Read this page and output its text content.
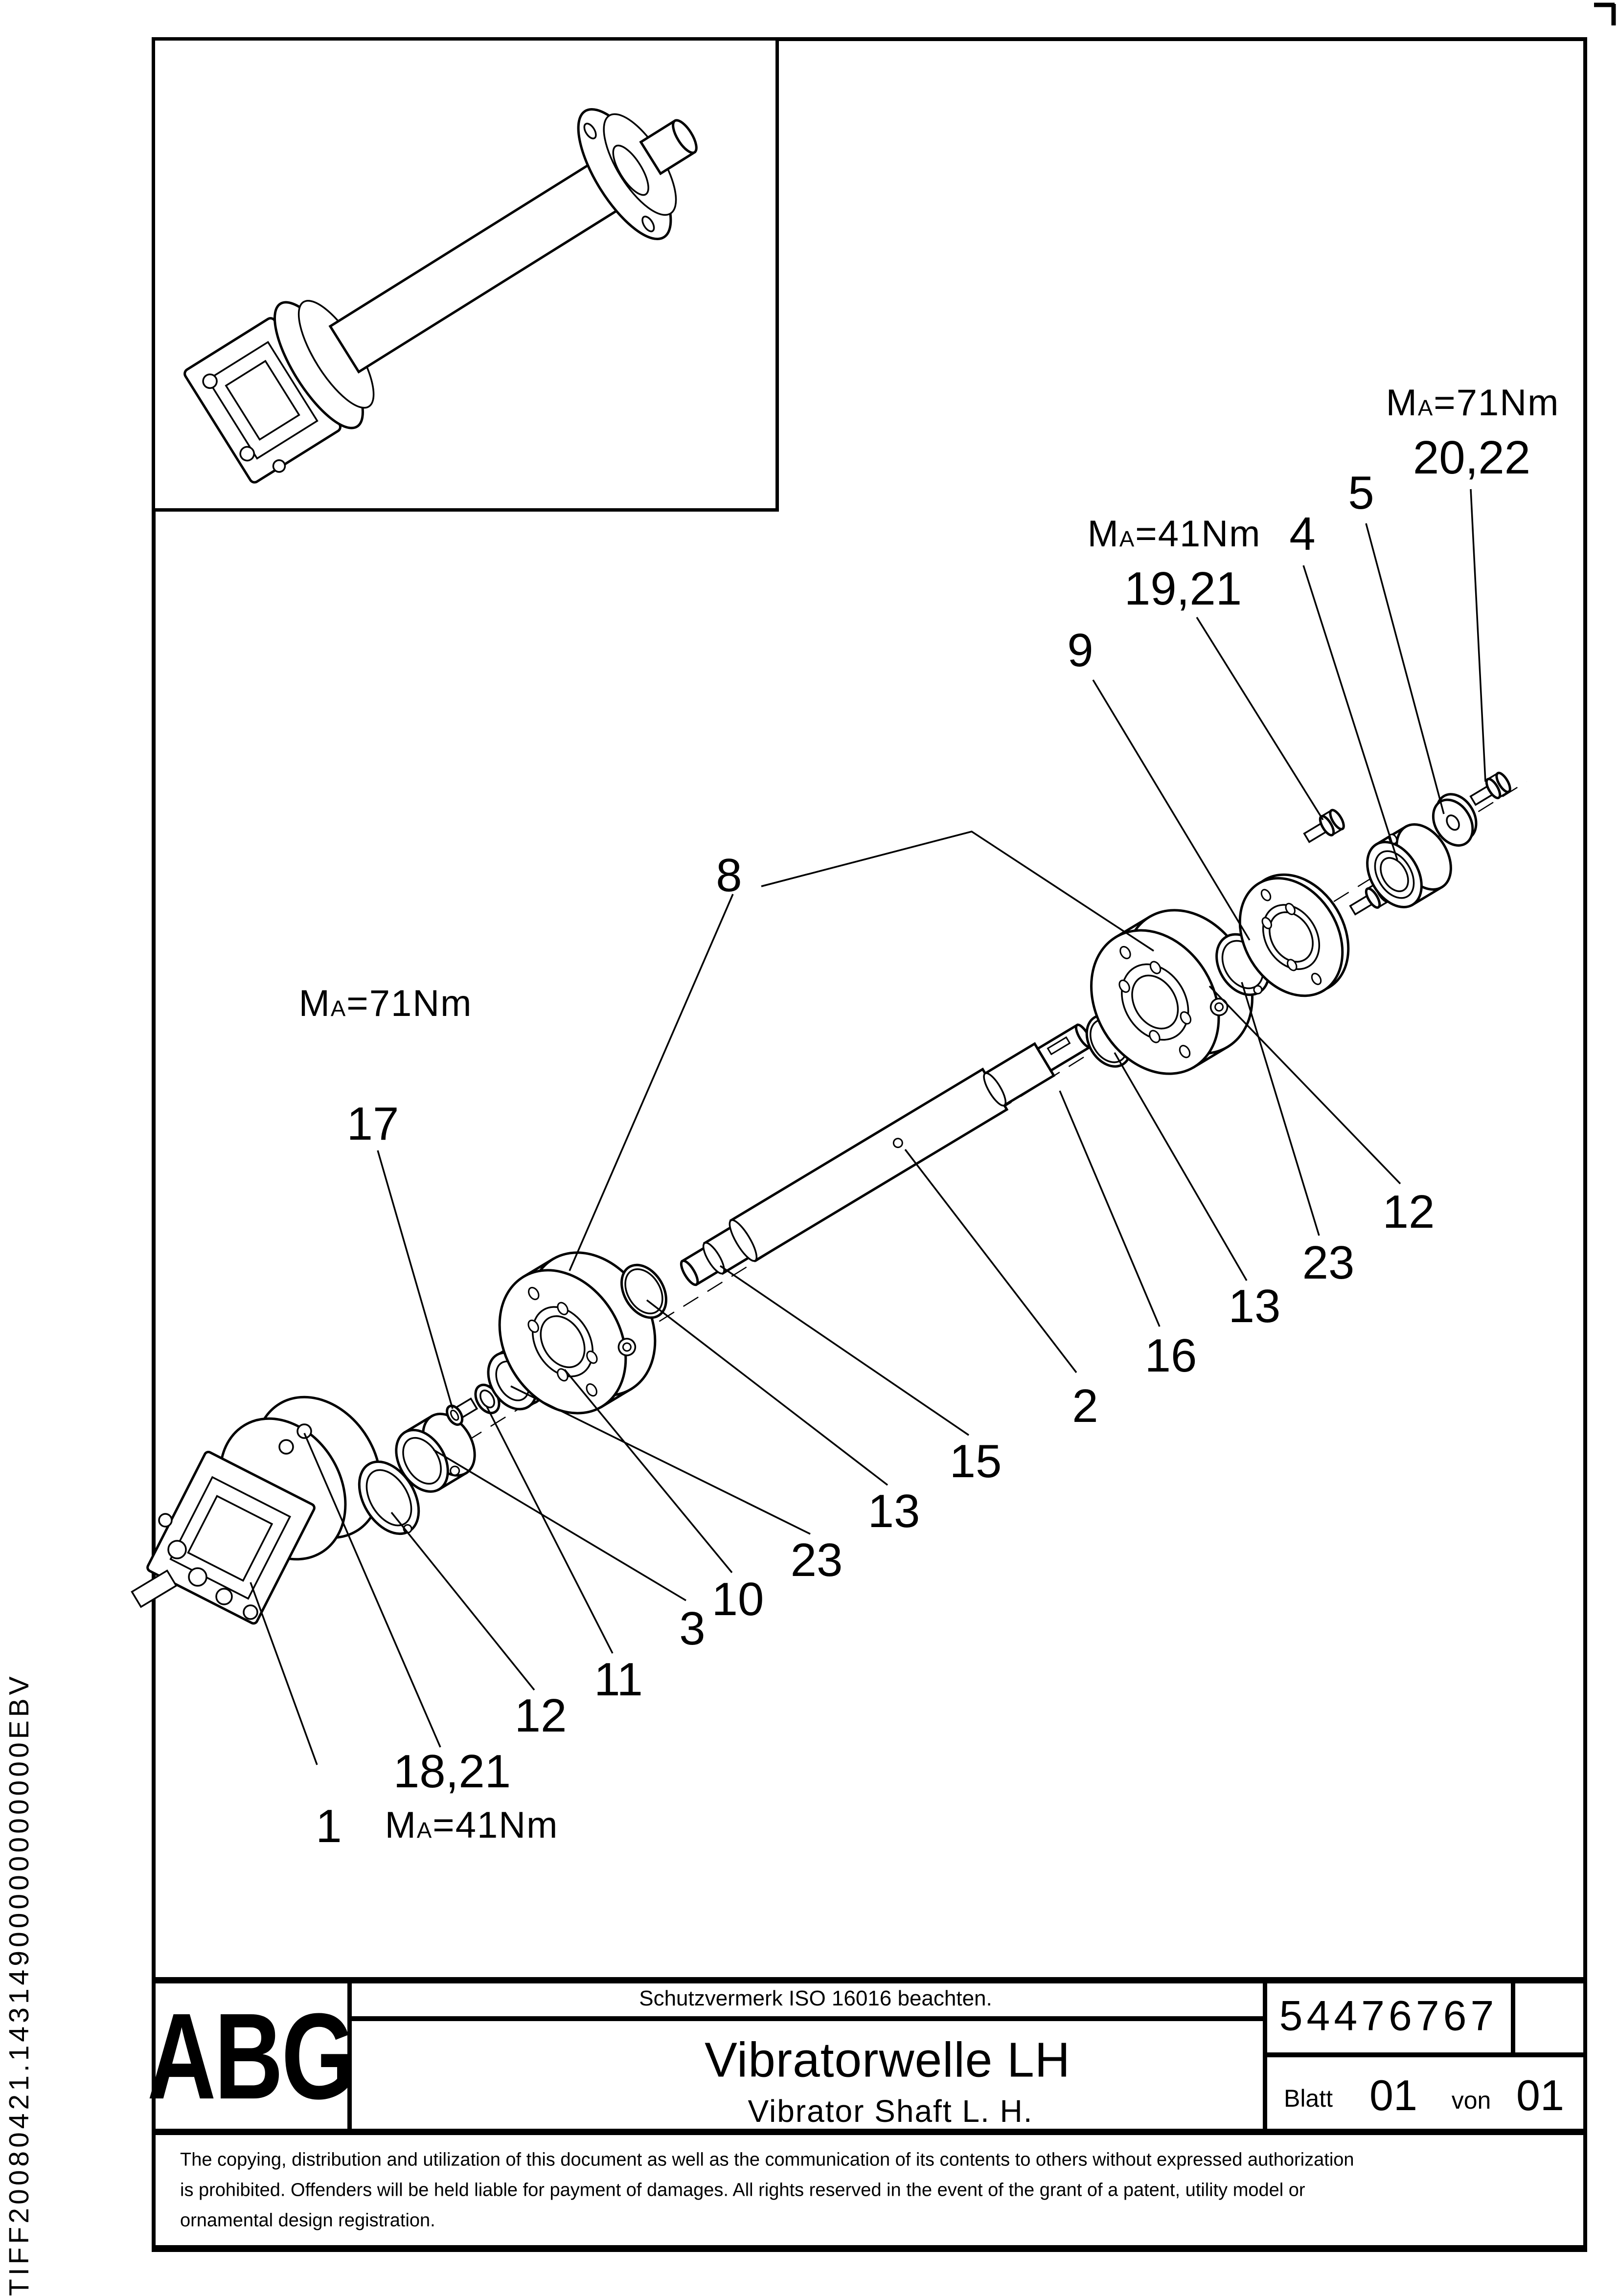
8
17
20,22
5
4
19,21
9
12
23
13
16
2
15
13
23
10
3
11
12
18,21
1
MA=71Nm
MA=71Nm
MA=41Nm
MA=41Nm
ABG	Schutzvermerk ISO 16016 beachten.
Vibratorwelle LH
Vibrator Shaft L. H.
54476767
Blatt 01 von 01
The copying, distribution and utilization of this document as well as the communication of its contents to others without expressed authorization
is prohibited. Offenders will be held liable for payment of damages. All rights reserved in the event of the grant of a patent, utility model or
ornamental design registration.
TIFF20080421.14314900000000000EBV
